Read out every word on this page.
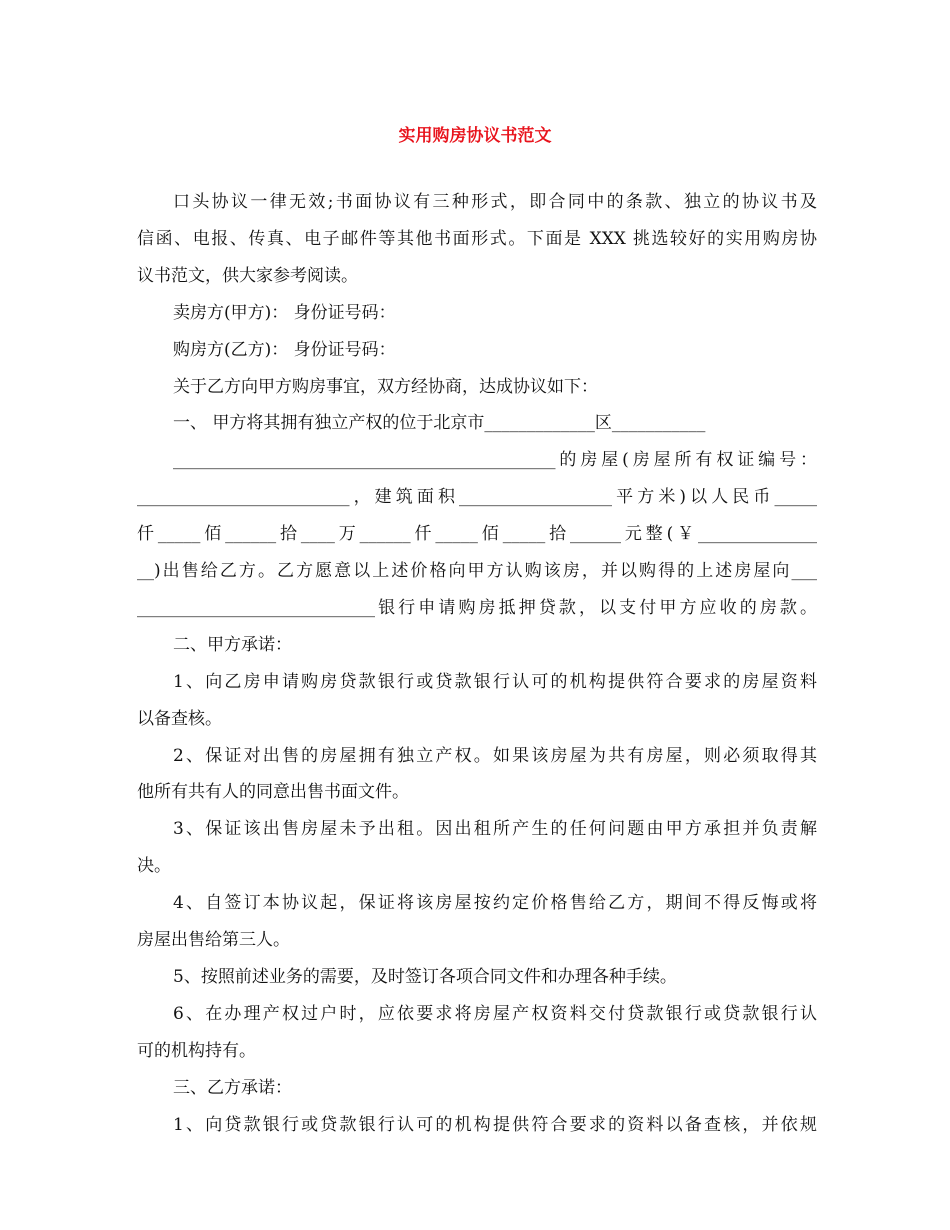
实用购房协议书范文
口头协议一律无效;书面协议有三种形式，即合同中的条款、独立的协议书及
信函、电报、传真、电子邮件等其他书面形式。下面是 XXX 挑选较好的实用购房协
议书范文，供大家参考阅读。
卖房方(甲方)： 身份证号码：
购房方(乙方)： 身份证号码：
关于乙方向甲方购房事宜，双方经协商，达成协议如下：
一、 甲方将其拥有独立产权的位于北京市_____________区___________
_____________________________________________的房屋(房屋所有权证编号：
_________________________，建筑面积__________________平方米)以人民币_____
仟_____佰______拾____万______仟_____佰_____拾______元整(￥______________
__)出售给乙方。乙方愿意以上述价格向甲方认购该房，并以购得的上述房屋向___
____________________________银行申请购房抵押贷款，以支付甲方应收的房款。
二、甲方承诺：
1、向乙房申请购房贷款银行或贷款银行认可的机构提供符合要求的房屋资料
以备查核。
2、保证对出售的房屋拥有独立产权。如果该房屋为共有房屋，则必须取得其
他所有共有人的同意出售书面文件。
3、保证该出售房屋未予出租。因出租所产生的任何问题由甲方承担并负责解
决。
4、自签订本协议起，保证将该房屋按约定价格售给乙方，期间不得反悔或将
房屋出售给第三人。
5、按照前述业务的需要，及时签订各项合同文件和办理各种手续。
6、在办理产权过户时，应依要求将房屋产权资料交付贷款银行或贷款银行认
可的机构持有。
三、乙方承诺：
1、向贷款银行或贷款银行认可的机构提供符合要求的资料以备查核，并依规
